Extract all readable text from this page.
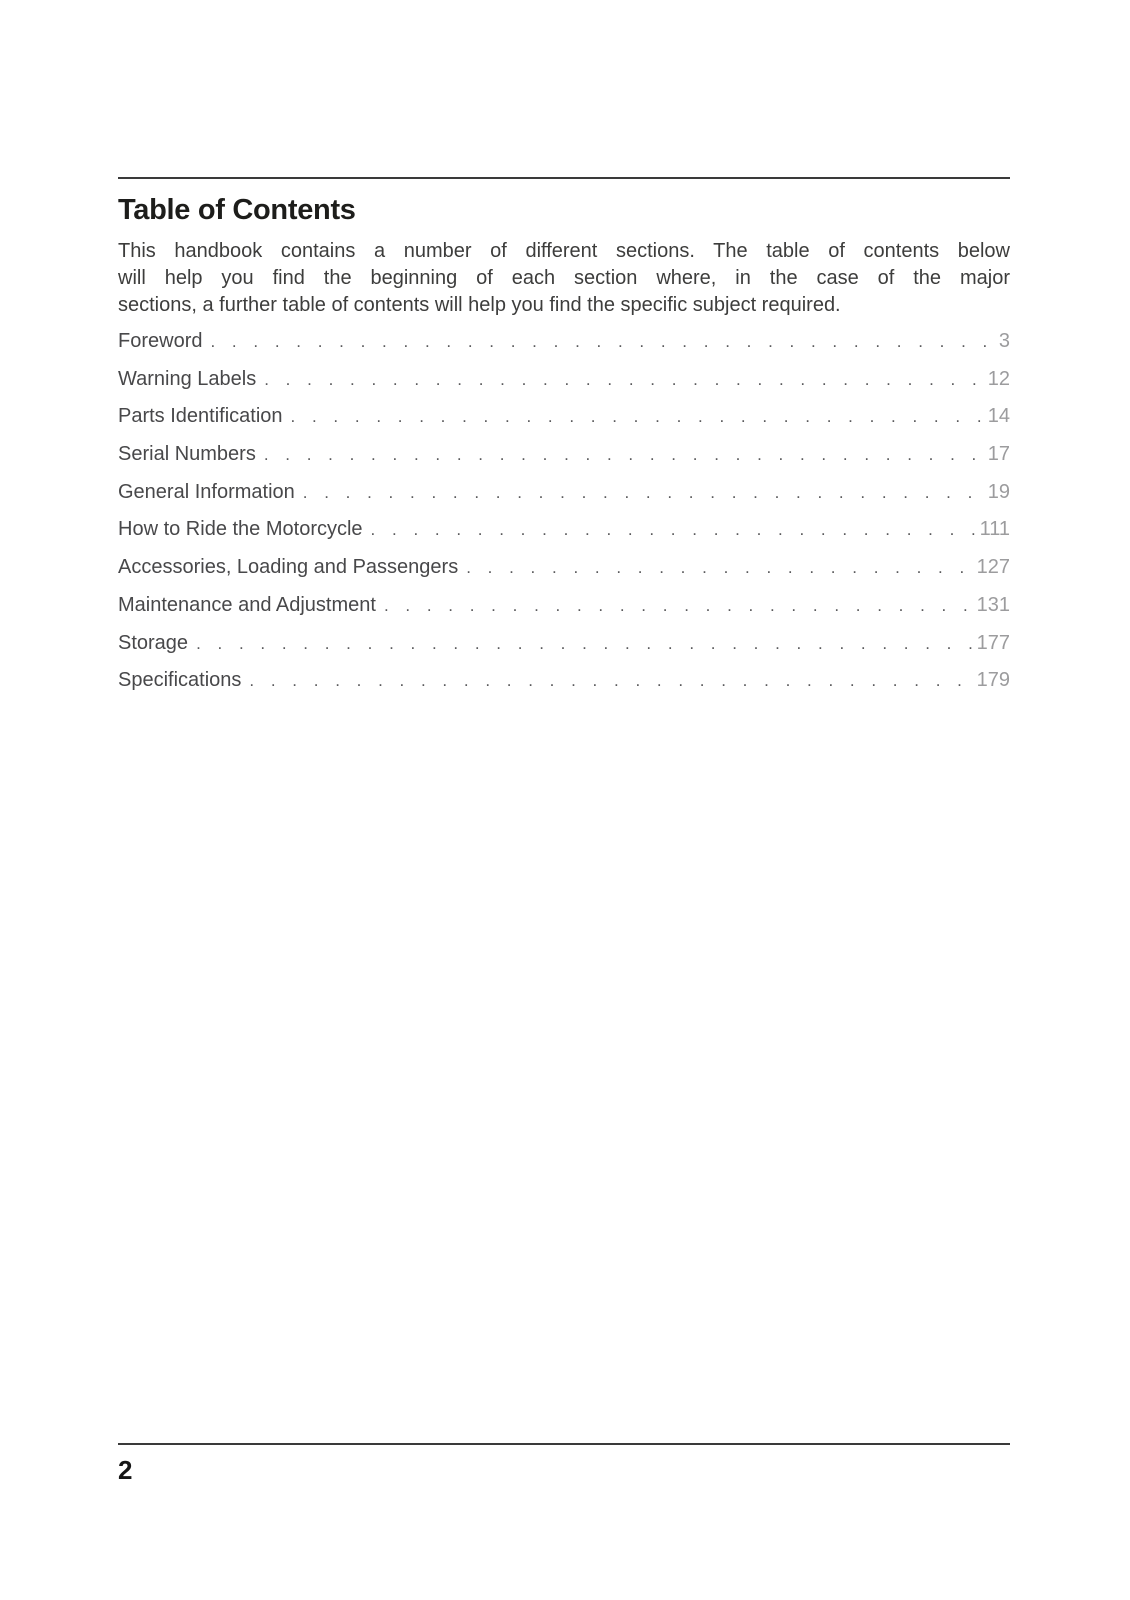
Table of Contents
This handbook contains a number of different sections. The table of contents below
will help you find the beginning of each section where, in the case of the major
sections, a further table of contents will help you find the specific subject required.
Foreword . . .	3
Warning Labels . . .	12
Parts Identification . . .	14
Serial Numbers . . .	17
General Information . . .	19
How to Ride the Motorcycle . . .	111
Accessories, Loading and Passengers . . .	127
Maintenance and Adjustment . . .	131
Storage . . .	177
Specifications . . .	179
2
